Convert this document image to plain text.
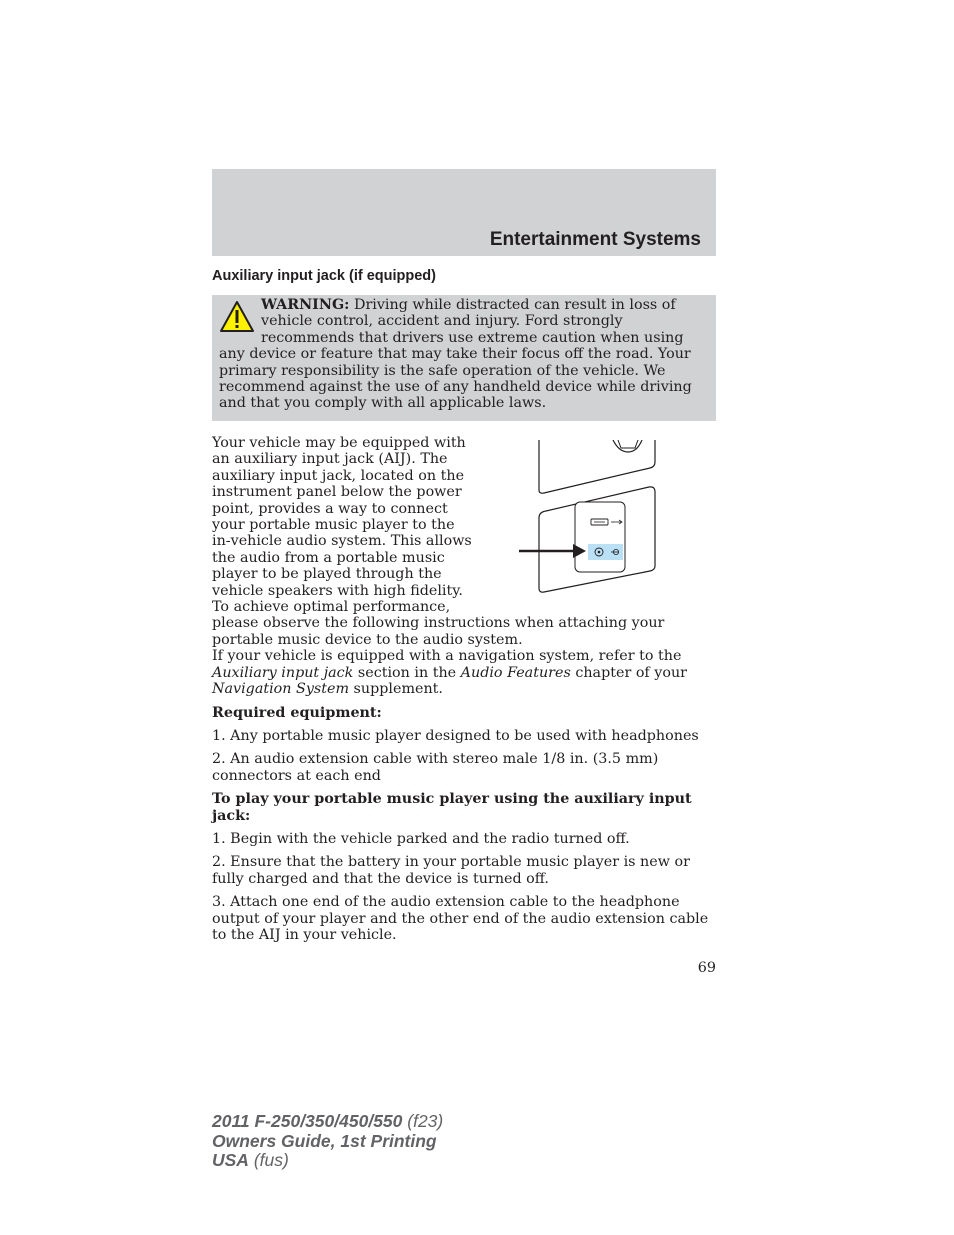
Entertainment Systems
Auxiliary input jack (if equipped)
WARNING: Driving while distracted can result in loss of vehicle control, accident and injury. Ford strongly recommends that drivers use extreme caution when using any device or feature that may take their focus off the road. Your primary responsibility is the safe operation of the vehicle. We recommend against the use of any handheld device while driving and that you comply with all applicable laws.

Your vehicle may be equipped with an auxiliary input jack (AIJ). The auxiliary input jack, located on the instrument panel below the power point, provides a way to connect your portable music player to the in-vehicle audio system. This allows the audio from a portable music player to be played through the vehicle speakers with high fidelity. To achieve optimal performance,

please observe the following instructions when attaching your portable music device to the audio system.

If your vehicle is equipped with a navigation system, refer to the Auxiliary input jack section in the Audio Features chapter of your Navigation System supplement.

Required equipment:

1. Any portable music player designed to be used with headphones

2. An audio extension cable with stereo male 1/8 in. (3.5 mm) connectors at each end

To play your portable music player using the auxiliary input jack:

1. Begin with the vehicle parked and the radio turned off.

2. Ensure that the battery in your portable music player is new or fully charged and that the device is turned off.

3. Attach one end of the audio extension cable to the headphone output of your player and the other end of the audio extension cable to the AIJ in your vehicle.

69
2011 F-250/350/450/550 (f23)
Owners Guide, 1st Printing
USA (fus)
